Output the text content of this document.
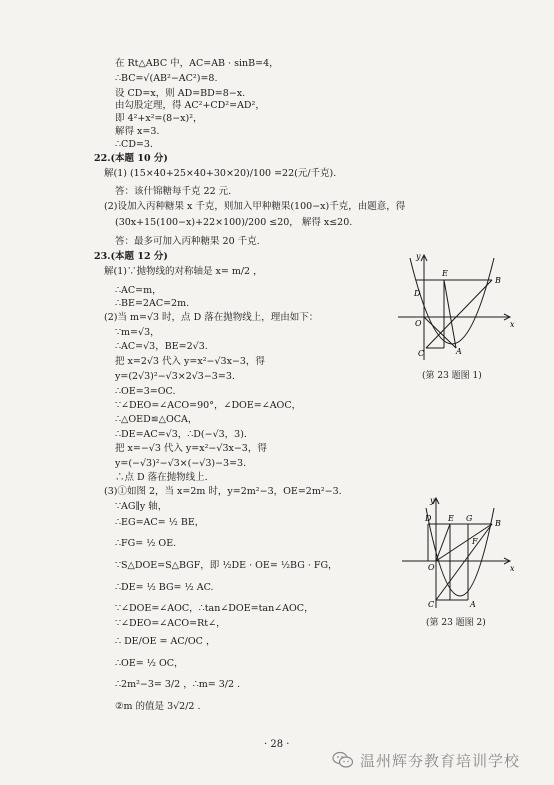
在 Rt△ABC 中，AC=AB · sinB=4，
∴BC=√(AB²−AC²)=8.
设 CD=x，则 AD=BD=8−x.
由勾股定理，得 AC²+CD²=AD²，
即 4²+x²=(8−x)²，
解得 x=3.
∴CD=3.
22.(本题 10 分)
解(1) (15×40+25×40+30×20)/100 =22(元/千克).
答：该什锦糖每千克 22 元.
(2)设加入丙种糖果 x 千克，则加入甲种糖果(100−x)千克，由题意，得
(30x+15(100−x)+22×100)/200 ≤20， 解得 x≤20.
答：最多可加入丙种糖果 20 千克.
23.(本题 12 分)
解(1)∵抛物线的对称轴是 x= m/2 ，
∴AC=m，
∴BE=2AC=2m.
(2)当 m=√3 时，点 D 落在抛物线上，理由如下：
∵m=√3，
∴AC=√3，BE=2√3.
把 x=2√3 代入 y=x²−√3x−3，得
y=(2√3)²−√3×2√3−3=3.
∴OE=3=OC.
∵∠DEO=∠ACO=90°，∠DOE=∠AOC，
∴△OED≌△OCA，
∴DE=AC=√3，∴D(−√3，3).
把 x=−√3 代入 y=x²−√3x−3，得
y=(−√3)²−√3×(−√3)−3=3.
∴点 D 落在抛物线上.
(3)①如图 2，当 x=2m 时，y=2m²−3，OE=2m²−3.
∵AG∥y 轴，
∴EG=AC= ½ BE，
∴FG= ½ OE.
∵S△DOE=S△BGF，即 ½DE · OE= ½BG · FG，
∴DE= ½ BG= ½ AC.
∵∠DOE=∠AOC，∴tan∠DOE=tan∠AOC，
∵∠DEO=∠ACO=Rt∠，
∴ DE/OE = AC/OC ，
∴OE= ½ OC，
∴2m²−3= 3/2 ，∴m= 3/2 .
②m 的值是 3√2/2 .
y
E
B
D
O	x
C	A
(第 23 题图 1)
y
D E G
B
F
O	x
C	A
(第 23 题图 2)
· 28 ·
温州辉夯教育培训学校
